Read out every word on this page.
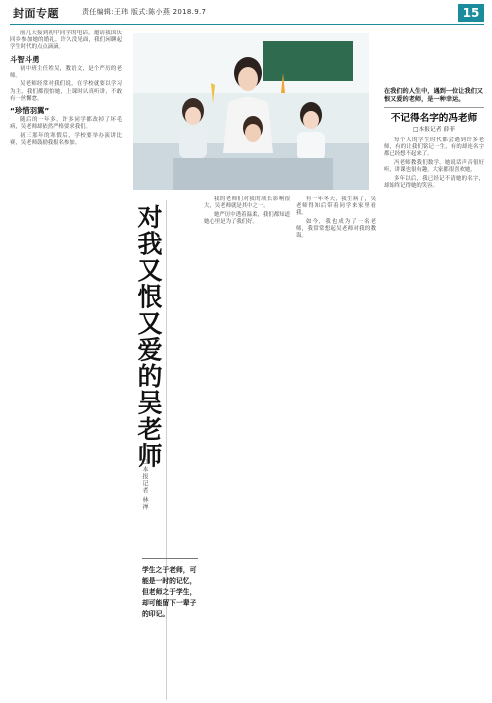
封面专题	责任编辑:王玮 版式:陈小燕 2018.9.7	15

前几天接到初中同学的电话，邀请我国庆回乡参加她的婚礼。许久没见面，我们闲聊起学生时代的点点滴滴。

斗智斗勇

初中班主任姓吴，教语文，是个严厉的老师。

吴老师经常对我们说，在学校就要以学习为主，我们都很怕她，上课时认真听讲，不敢有一丝懈怠。

“珍惜羽翼”

随后的一年多，许多同学都改掉了坏毛病，吴老师却依然严格要求我们。

初三那年的寒假后，学校要举办演讲比赛，吴老师鼓励我报名参加。

在我们的人生中，遇到一位让我们又恨又爱的老师，是一种幸运。
不记得名字的冯老师
□本报记者 薛菲
对我又恨又爱的吴老师
□本报记者 林禅
学生之于老师，可能是一时的记忆，但老师之于学生，却可能留下一辈子的印记。

我的老师们对我的成长影响很大，吴老师就是其中之一。

她严厉中透着温柔，我们都知道她心里是为了我们好。

有一年冬天，我生病了，吴老师得知后带着同学来家里看我。

如今，我也成为了一名老师，我常常想起吴老师对我的教诲。

每个人的学生时代都会遇到许多老师，有的让我们铭记一生，有的却连名字都已经想不起来了。

冯老师教我们数学，她说话声音很好听，讲课也很有趣，大家都很喜欢她。

多年以后，我已经记不清她的名字，却始终记得她的笑容。
